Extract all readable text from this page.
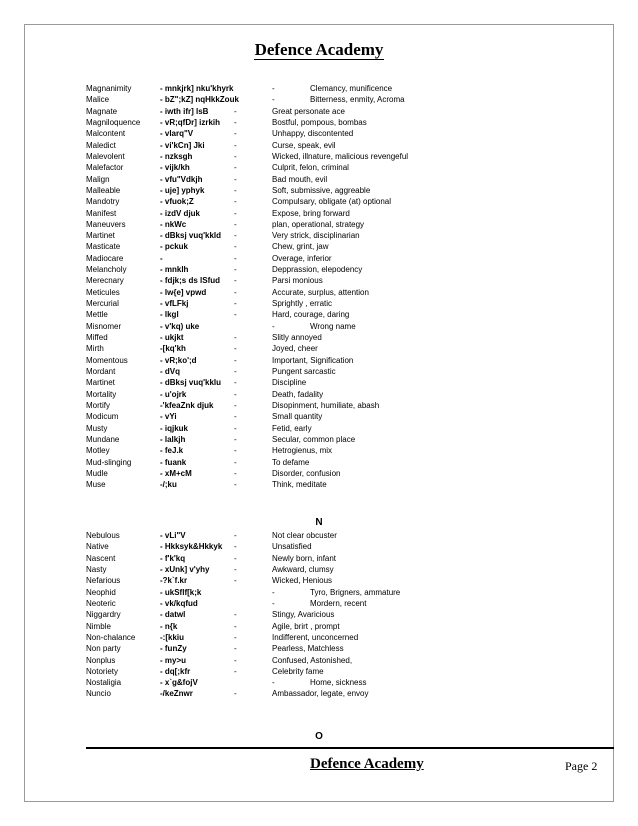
Defence Academy
Magnanimity	- mnkjrk] nku'khyrk	-	Clemancy, munificence
Malice	- bZ";kZ] nqHkkZouk	-	Bitterness, enmity, Acroma
Magnate	- iwth ifr] lsB	-	Great personate ace
Magniloquence - vR;qfDr] izrkih -	Bostful, pompous, bombas
Malcontent	- vlarq"V	-	Unhappy, discontented
Maledict	- vi'kCn] Jki	-	Curse, speak, evil
Malevolent	- nzksgh	-	Wicked, illnature, malicious revengeful
Malefactor	- vijk/kh	-	Culprit, felon, criminal
Malign	- vfu"Vdkjh	-	Bad mouth, evil
Malleable	- uje] yphyk	-	Soft, submissive, aggreable
Mandotry	- vfuok;Z	-	Compulsary, obligate (at) optional
Manifest	- izdV djuk	-	Expose, bring forward
Maneuvers	- nkWc	-	plan, operational, strategy
Martinet	- dBksj vuq'kkld -	Very strick, disciplinarian
Masticate	- pckuk	-	Chew, grint, jaw
Madiocare	-	-	Overage, inferior
Melancholy	- mnklh	-	Depprassion, elepodency
Merecnary	- fdjk;s ds lSfud -	Parsi monious
Meticules	- lw{e] vpwd	-	Accurate, surplus, attention
Mercurial	- vfLFkj	-	Sprightly , erratic
Mettle	- lkgl	-	Hard, courage, daring
Misnomer	- v'kq) uke	-	Wrong name
Miffed	- ukjkt	-	Slitly annoyed
Mirth	-[kq'kh	-	Joyed, cheer
Momentous	- vR;ko';d	-	Important, Signification
Mordant	- dVq	-	Pungent sarcastic
Martinet	- dBksj vuq'kklu -	Discipline
Mortality	- u'ojrk	-	Death, fadality
Mortify	-'kfeaZnk djuk	-	Disopinment, humiliate, abash
Modicum	- vYi	-	Small quantity
Musty	- iqjkuk	-	Fetid, early
Mundane	- lalkjh	-	Secular, common place
Motley	- feJ.k	-	Hetrogienus, mix
Mud-slinging	- fuank	-	To defame
Mudle	- xM+cM	-	Disorder, confusion
Muse	-/;ku	-	Think, meditate
N
Nebulous	- vLi"V	-	Not clear obcuster
Native	- Hkksyk&Hkkyk -	Unsatisfied
Nascent	- f'k'kq	-	Newly born, infant
Nasty	- xUnk] v'yhy	-	Awkward, clumsy
Nefarious	-?k`f.kr	-	Wicked, Henious
Neophid	- ukSflf[k;k	-	Tyro, Brigners, ammature
Neoteric	- vk/kqfud	-	Mordern, recent
Niggardry	- datwl	-	Stingy, Avaricious
Nimble	- n{k	-	Agile, brirt , prompt
Non-chalance	-:[kkiu	-	Indifferent, unconcerned
Non party	- funZy	-	Pearless, Matchless
Nonplus	- my>u	-	Confused, Astonished,
Notoriety	- dq[;kfr	-	Celebrity fame
Nostaligia	- x`g&fojV	-	Home, sickness
Nuncio	-/keZnwr	-	Ambassador, legate, envoy
O
Defence Academy	Page 2
